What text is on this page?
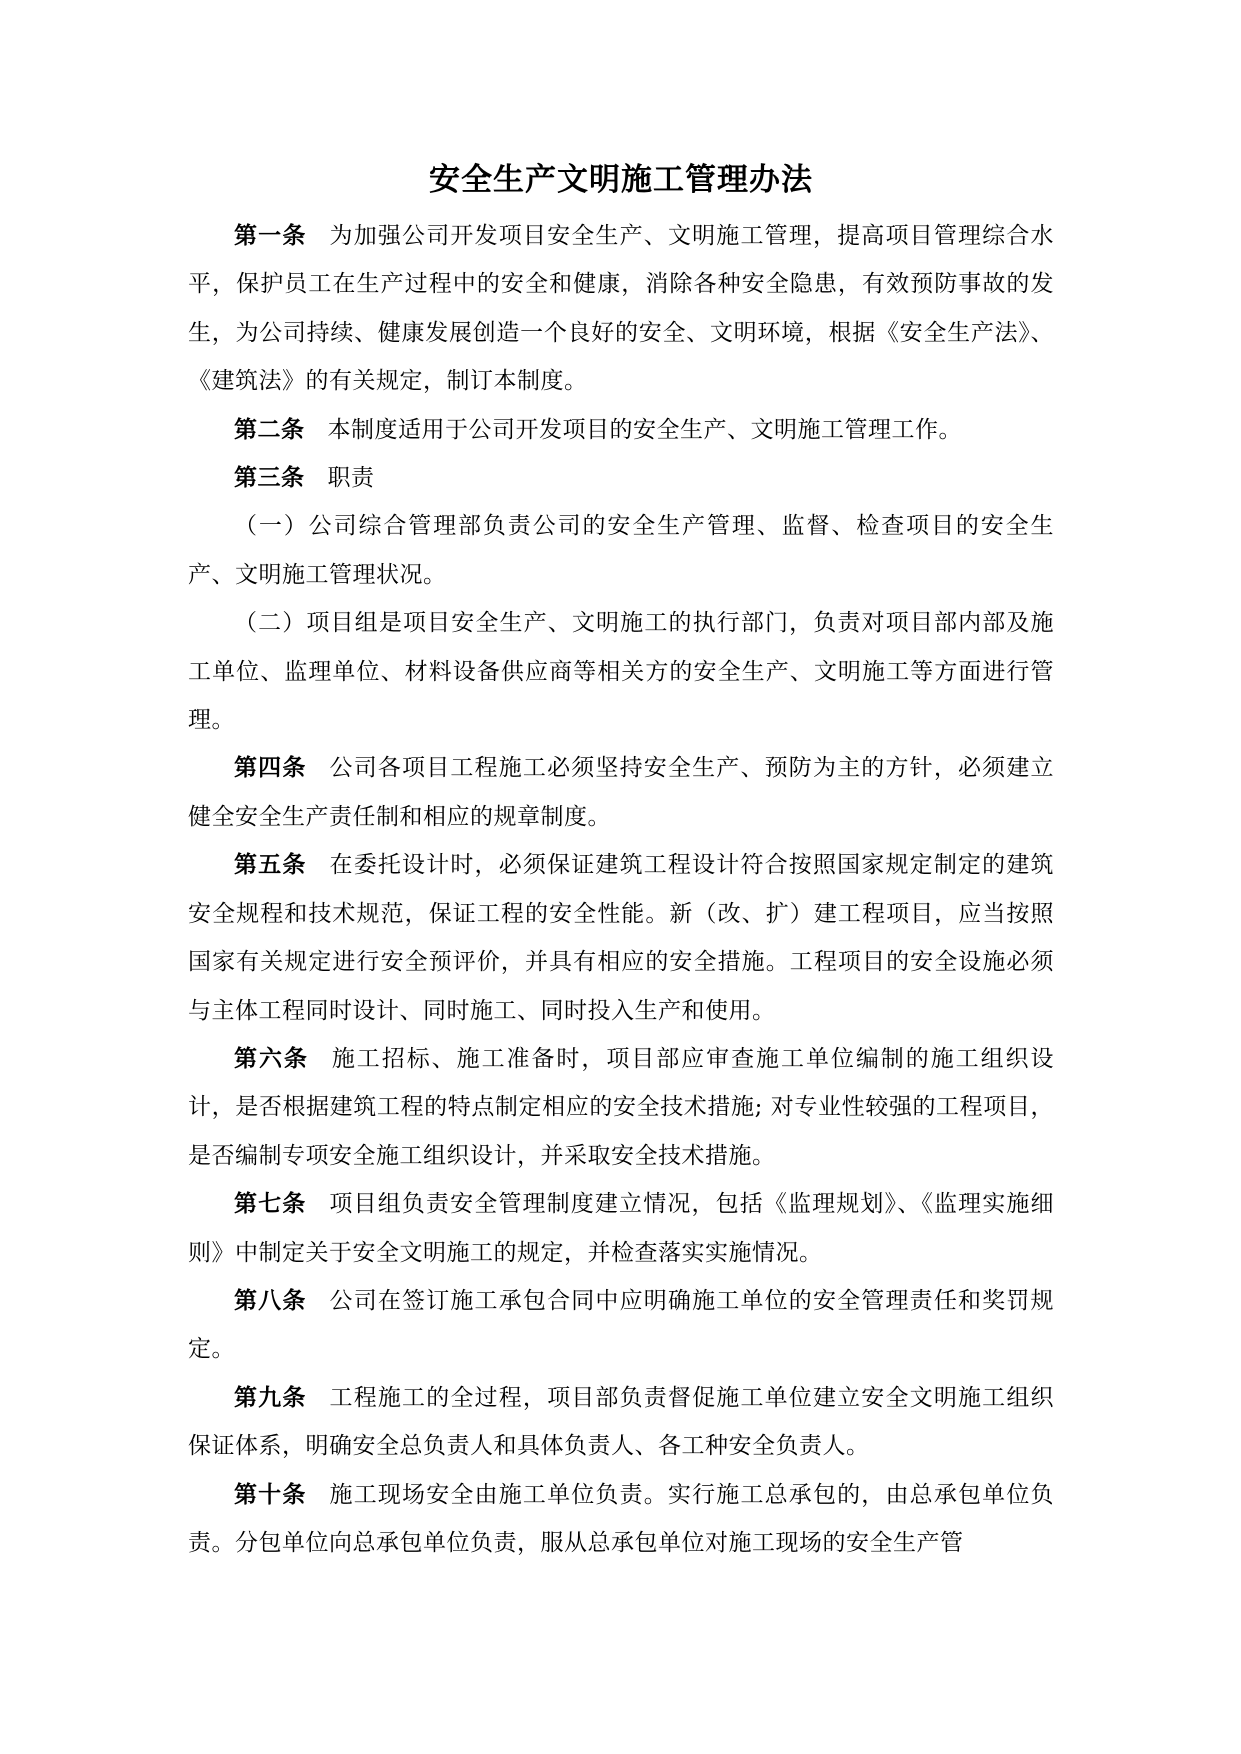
安全生产文明施工管理办法

第一条 为加强公司开发项目安全生产、文明施工管理，提高项目管理综合水平，保护员工在生产过程中的安全和健康，消除各种安全隐患，有效预防事故的发生，为公司持续、健康发展创造一个良好的安全、文明环境，根据《安全生产法》、《建筑法》的有关规定，制订本制度。

第二条 本制度适用于公司开发项目的安全生产、文明施工管理工作。

第三条 职责

（一）公司综合管理部负责公司的安全生产管理、监督、检查项目的安全生产、文明施工管理状况。

（二）项目组是项目安全生产、文明施工的执行部门，负责对项目部内部及施工单位、监理单位、材料设备供应商等相关方的安全生产、文明施工等方面进行管理。

第四条 公司各项目工程施工必须坚持安全生产、预防为主的方针，必须建立健全安全生产责任制和相应的规章制度。

第五条 在委托设计时，必须保证建筑工程设计符合按照国家规定制定的建筑安全规程和技术规范，保证工程的安全性能。新（改、扩）建工程项目，应当按照国家有关规定进行安全预评价，并具有相应的安全措施。工程项目的安全设施必须与主体工程同时设计、同时施工、同时投入生产和使用。

第六条 施工招标、施工准备时，项目部应审查施工单位编制的施工组织设计，是否根据建筑工程的特点制定相应的安全技术措施; 对专业性较强的工程项目，是否编制专项安全施工组织设计，并采取安全技术措施。

第七条 项目组负责安全管理制度建立情况，包括《监理规划》、《监理实施细则》中制定关于安全文明施工的规定，并检查落实实施情况。

第八条 公司在签订施工承包合同中应明确施工单位的安全管理责任和奖罚规定。

第九条 工程施工的全过程，项目部负责督促施工单位建立安全文明施工组织保证体系，明确安全总负责人和具体负责人、各工种安全负责人。

第十条 施工现场安全由施工单位负责。实行施工总承包的，由总承包单位负责。分包单位向总承包单位负责，服从总承包单位对施工现场的安全生产管
